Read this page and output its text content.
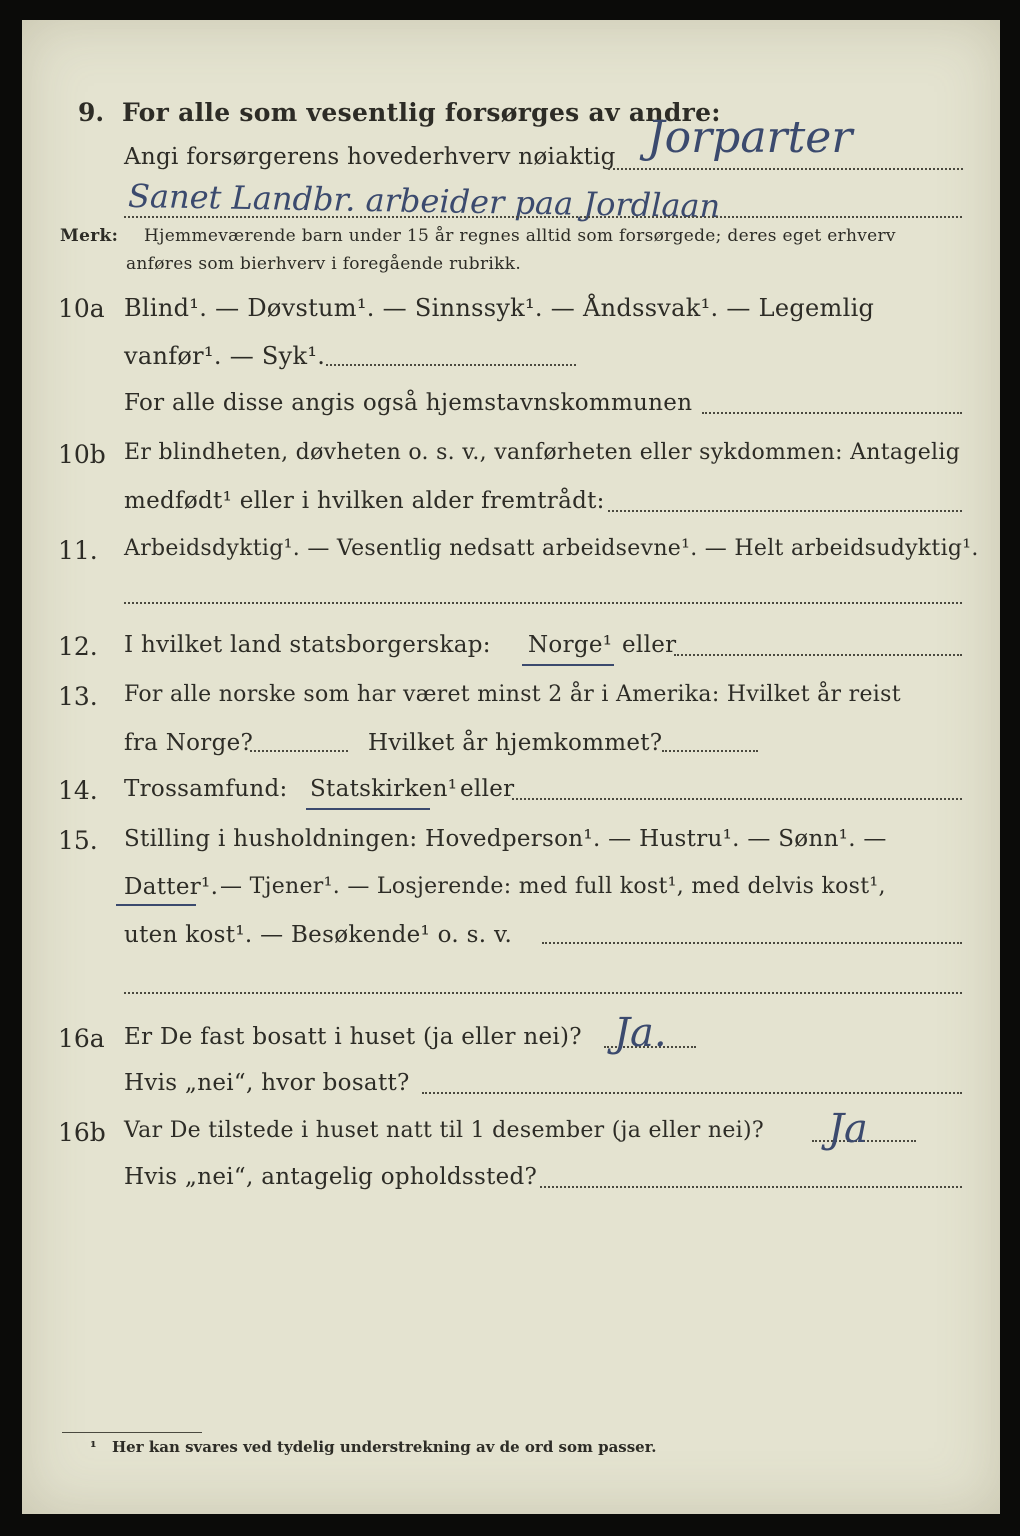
9. For alle som vesentlig forsørges av andre:
Angi forsørgerens hovederhverv nøiaktig Jorparter
Sanet Landbr. arbeider paa Jordlaan
Merk: Hjemmeværende barn under 15 år regnes alltid som forsørgede; deres eget erhverv
anføres som bierhverv i foregående rubrikk.
10a Blind¹. — Døvstum¹. — Sinnssyk¹. — Åndssvak¹. — Legemlig
vanfør¹. — Syk¹.
For alle disse angis også hjemstavnskommunen
10b Er blindheten, døvheten o. s. v., vanførheten eller sykdommen: Antagelig
medfødt¹ eller i hvilken alder fremtrådt:
11. Arbeidsdyktig¹. — Vesentlig nedsatt arbeidsevne¹. — Helt arbeidsudyktig¹.
12. I hvilket land statsborgerskap: Norge¹ eller
13. For alle norske som har været minst 2 år i Amerika: Hvilket år reist
fra Norge?	Hvilket år hjemkommet?
14. Trossamfund: Statskirken¹ eller
15. Stilling i husholdningen: Hovedperson¹. — Hustru¹. — Sønn¹. —
Datter¹. — Tjener¹. — Losjerende: med full kost¹, med delvis kost¹,
uten kost¹. — Besøkende¹ o. s. v.
16a Er De fast bosatt i huset (ja eller nei)? Ja.
Hvis „nei“, hvor bosatt?
16b Var De tilstede i huset natt til 1 desember (ja eller nei)? Ja
Hvis „nei“, antagelig opholdssted?
¹ Her kan svares ved tydelig understrekning av de ord som passer.
